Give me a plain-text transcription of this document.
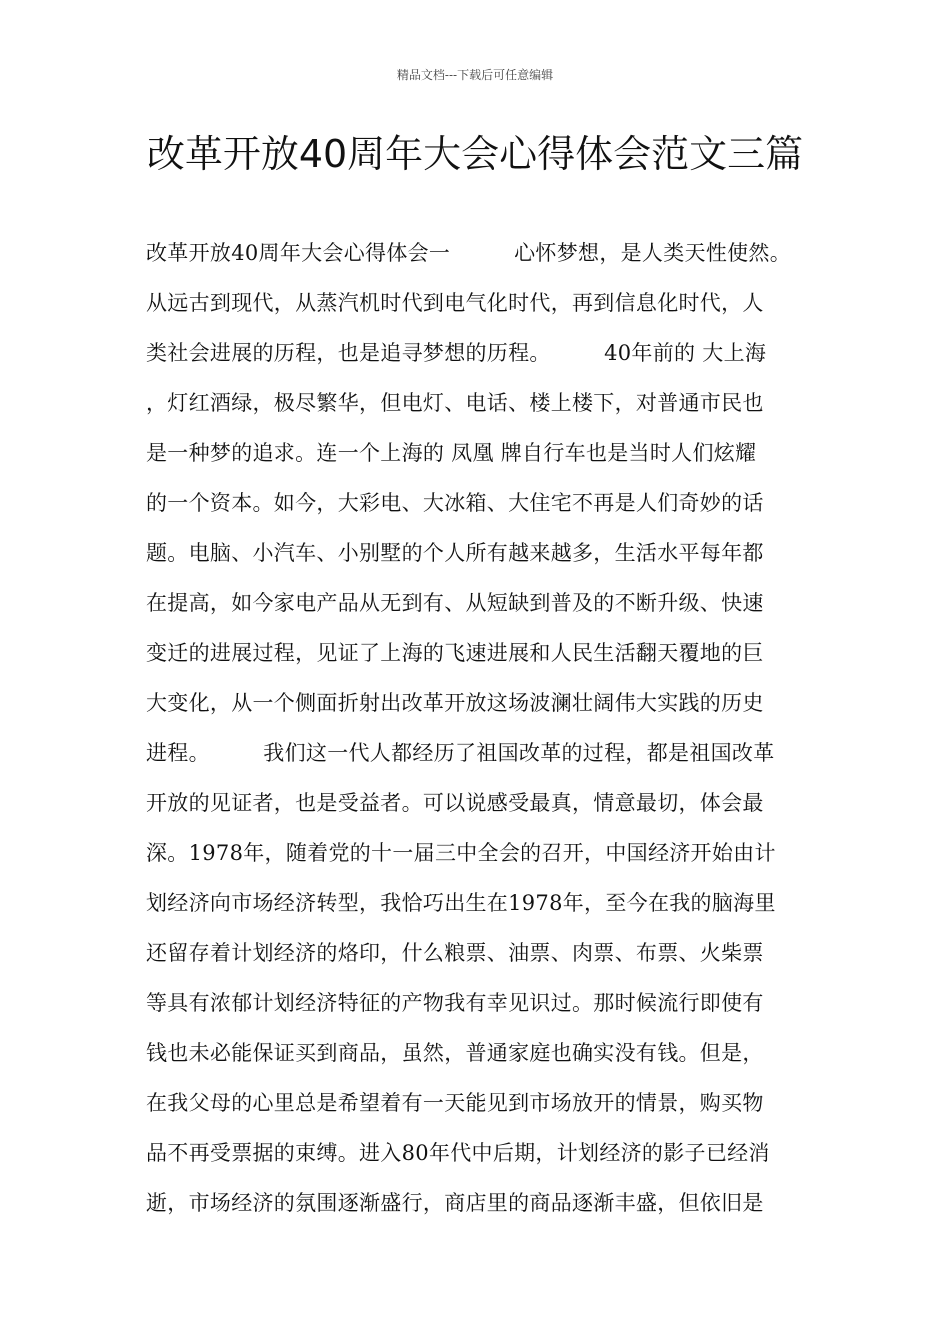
精品文档---下载后可任意编辑
改革开放40周年大会心得体会范文三篇
改革开放40周年大会心得体会一　　　心怀梦想，是人类天性使然。
从远古到现代，从蒸汽机时代到电气化时代，再到信息化时代，人
类社会进展的历程，也是追寻梦想的历程。　　　40年前的 大上海
，灯红酒绿，极尽繁华，但电灯、电话、楼上楼下，对普通市民也
是一种梦的追求。连一个上海的 凤凰 牌自行车也是当时人们炫耀
的一个资本。如今，大彩电、大冰箱、大住宅不再是人们奇妙的话
题。电脑、小汽车、小别墅的个人所有越来越多，生活水平每年都
在提高，如今家电产品从无到有、从短缺到普及的不断升级、快速
变迁的进展过程，见证了上海的飞速进展和人民生活翻天覆地的巨
大变化，从一个侧面折射出改革开放这场波澜壮阔伟大实践的历史
进程。　　　我们这一代人都经历了祖国改革的过程，都是祖国改革
开放的见证者，也是受益者。可以说感受最真，情意最切，体会最
深。1978年，随着党的十一届三中全会的召开，中国经济开始由计
划经济向市场经济转型，我恰巧出生在1978年，至今在我的脑海里
还留存着计划经济的烙印，什么粮票、油票、肉票、布票、火柴票
等具有浓郁计划经济特征的产物我有幸见识过。那时候流行即使有
钱也未必能保证买到商品，虽然，普通家庭也确实没有钱。但是，
在我父母的心里总是希望着有一天能见到市场放开的情景，购买物
品不再受票据的束缚。进入80年代中后期，计划经济的影子已经消
逝，市场经济的氛围逐渐盛行，商店里的商品逐渐丰盛，但依旧是
